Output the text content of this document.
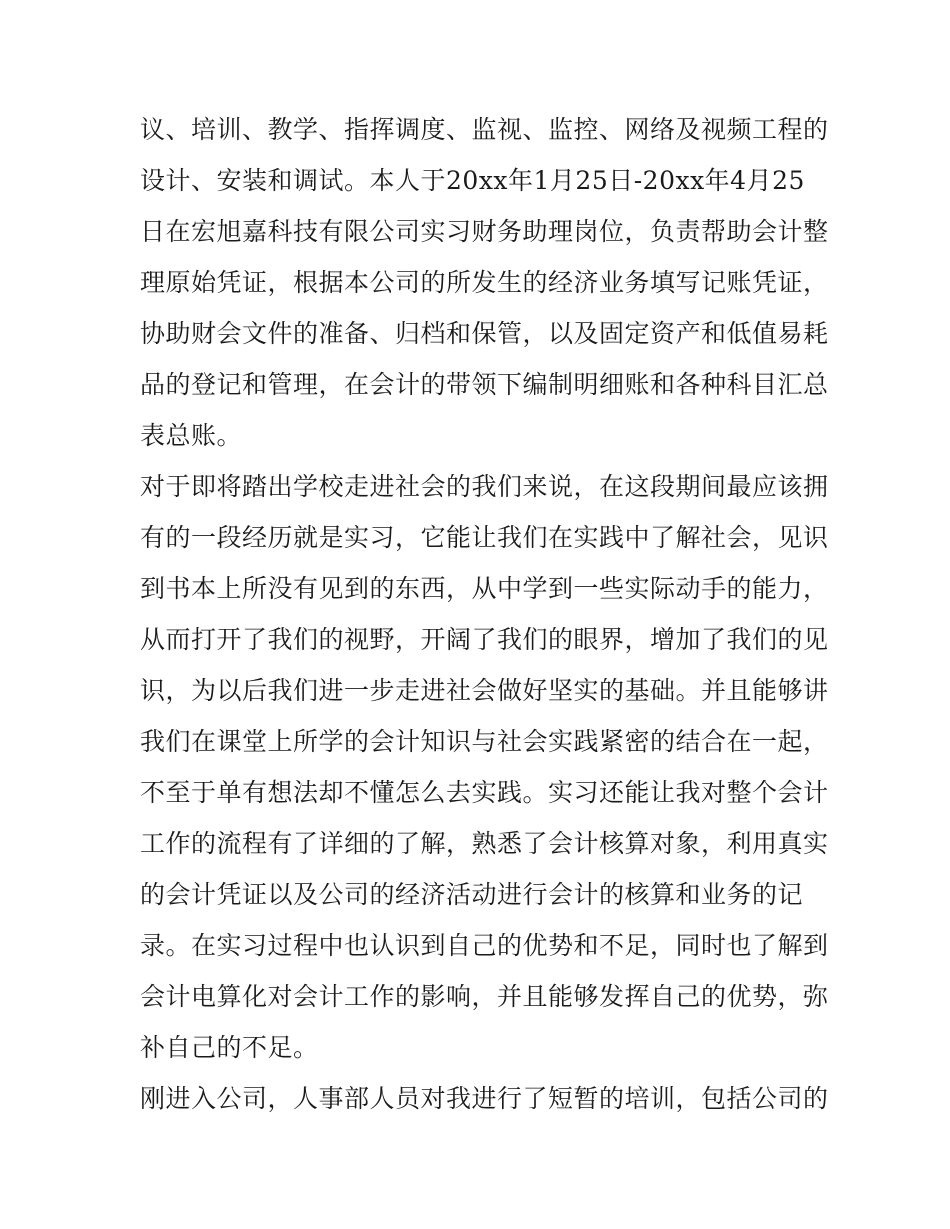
议、培训、教学、指挥调度、监视、监控、网络及视频工程的
设计、安装和调试。本人于20xx年1月25日-20xx年4月25
日在宏旭嘉科技有限公司实习财务助理岗位，负责帮助会计整
理原始凭证，根据本公司的所发生的经济业务填写记账凭证，
协助财会文件的准备、归档和保管，以及固定资产和低值易耗
品的登记和管理，在会计的带领下编制明细账和各种科目汇总
表总账。
对于即将踏出学校走进社会的我们来说，在这段期间最应该拥
有的一段经历就是实习，它能让我们在实践中了解社会，见识
到书本上所没有见到的东西，从中学到一些实际动手的能力，
从而打开了我们的视野，开阔了我们的眼界，增加了我们的见
识，为以后我们进一步走进社会做好坚实的基础。并且能够讲
我们在课堂上所学的会计知识与社会实践紧密的结合在一起，
不至于单有想法却不懂怎么去实践。实习还能让我对整个会计
工作的流程有了详细的了解，熟悉了会计核算对象，利用真实
的会计凭证以及公司的经济活动进行会计的核算和业务的记
录。在实习过程中也认识到自己的优势和不足，同时也了解到
会计电算化对会计工作的影响，并且能够发挥自己的优势，弥
补自己的不足。
刚进入公司，人事部人员对我进行了短暂的培训，包括公司的
